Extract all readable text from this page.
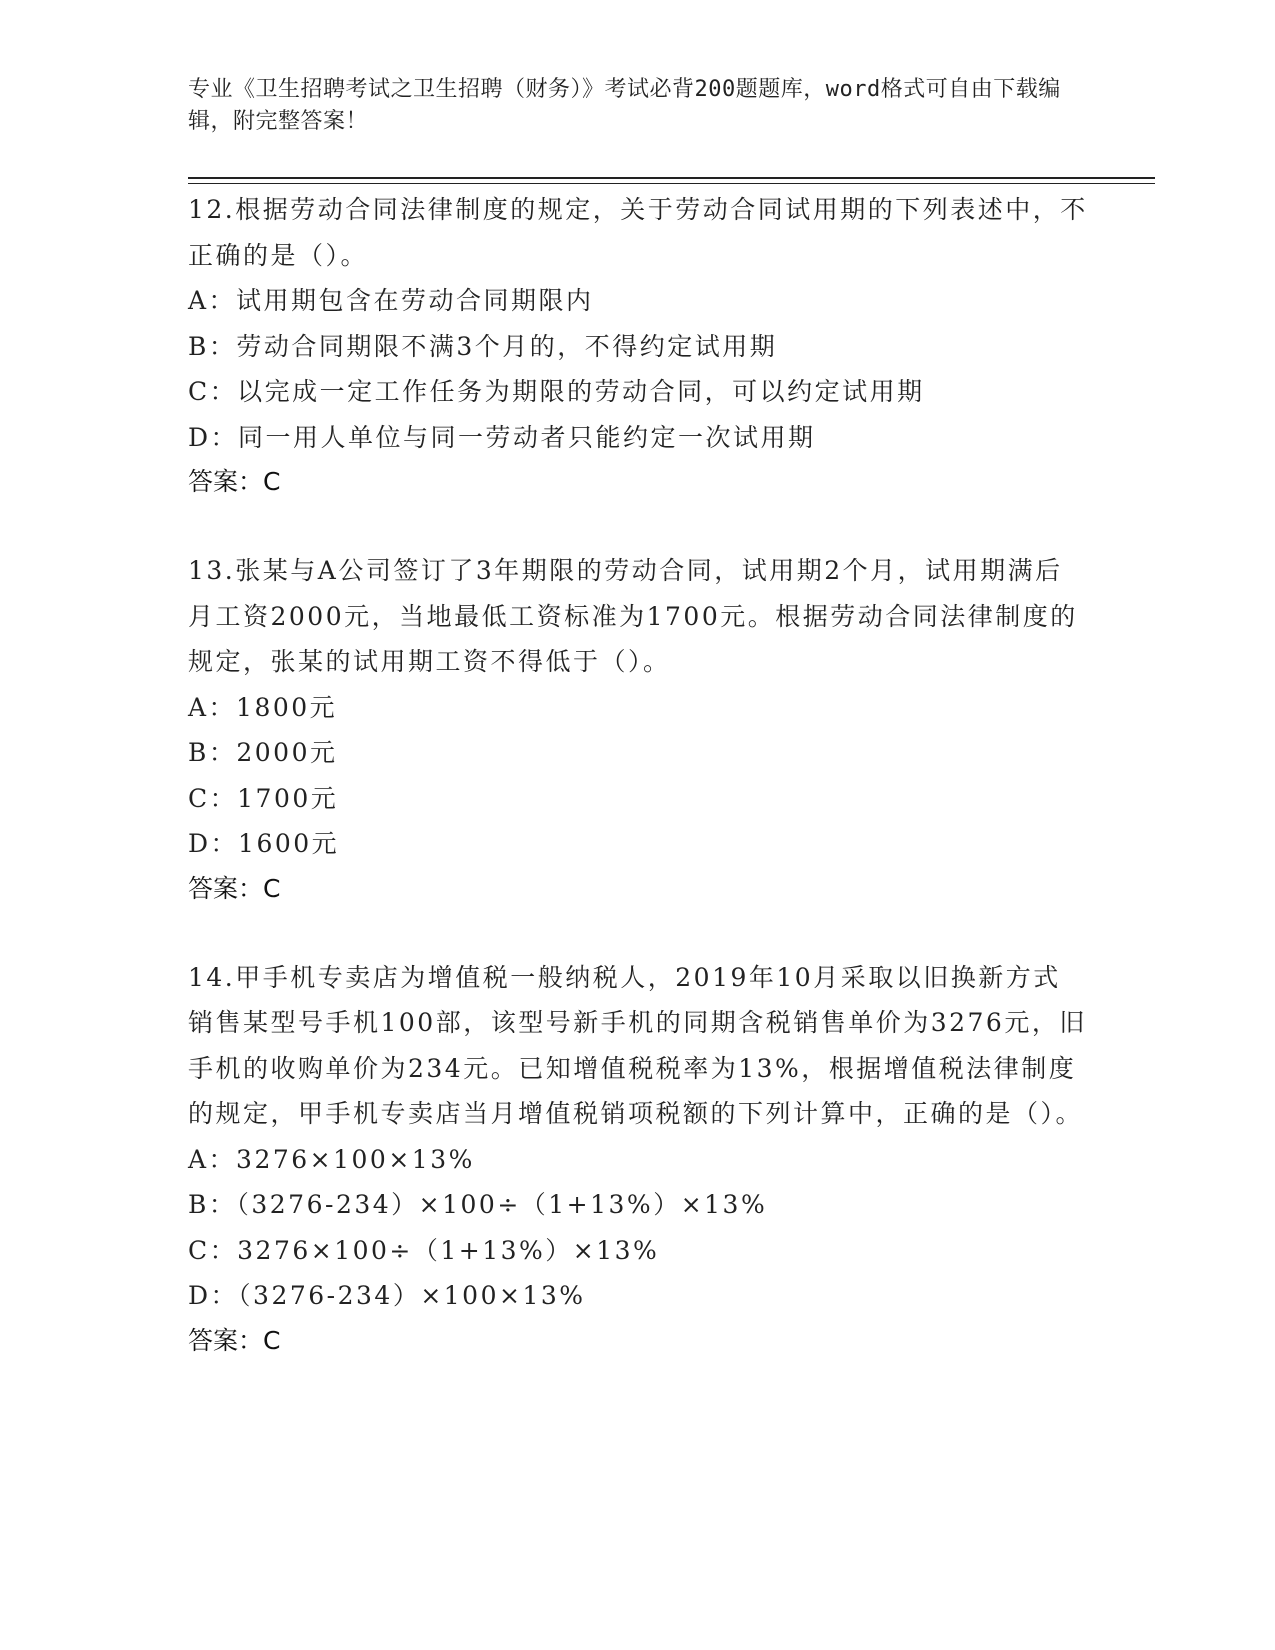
专业《卫生招聘考试之卫生招聘（财务）》考试必背200题题库，word格式可自由下载编辑，附完整答案！

12.根据劳动合同法律制度的规定，关于劳动合同试用期的下列表述中，不正确的是（）。

A：试用期包含在劳动合同期限内
B：劳动合同期限不满3个月的，不得约定试用期
C：以完成一定工作任务为期限的劳动合同，可以约定试用期
D：同一用人单位与同一劳动者只能约定一次试用期

答案：C

13.张某与A公司签订了3年期限的劳动合同，试用期2个月，试用期满后月工资2000元，当地最低工资标准为1700元。根据劳动合同法律制度的规定，张某的试用期工资不得低于（）。

A：1800元
B：2000元
C：1700元
D：1600元

答案：C

14.甲手机专卖店为增值税一般纳税人，2019年10月采取以旧换新方式销售某型号手机100部，该型号新手机的同期含税销售单价为3276元，旧手机的收购单价为234元。已知增值税税率为13%，根据增值税法律制度的规定，甲手机专卖店当月增值税销项税额的下列计算中，正确的是（）。

A：3276×100×13%
B：（3276-234）×100÷（1+13%）×13%
C：3276×100÷（1+13%）×13%
D：（3276-234）×100×13%

答案：C
